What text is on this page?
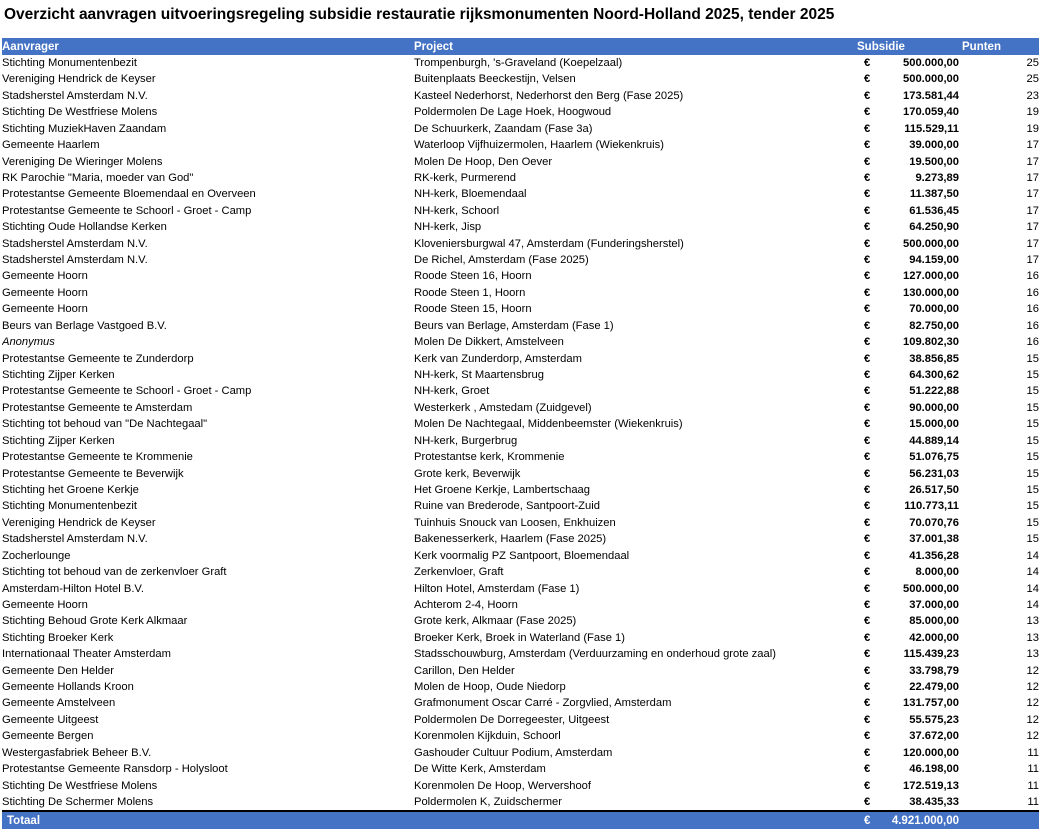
Overzicht aanvragen uitvoeringsregeling subsidie restauratie rijksmonumenten Noord-Holland 2025, tender 2025
Aanvrager	Project	Subsidie	Punten
Stichting Monumentenbezit	Trompenburgh, 's-Graveland (Koepelzaal)	€ 500.000,00	25
Vereniging Hendrick de Keyser	Buitenplaats Beeckestijn, Velsen	€ 500.000,00	25
Stadsherstel Amsterdam N.V.	Kasteel Nederhorst, Nederhorst den Berg (Fase 2025)	€ 173.581,44	23
Stichting De Westfriese Molens	Poldermolen De Lage Hoek, Hoogwoud	€ 170.059,40	19
Stichting MuziekHaven Zaandam	De Schuurkerk, Zaandam (Fase 3a)	€ 115.529,11	19
Gemeente Haarlem	Waterloop Vijfhuizermolen, Haarlem (Wiekenkruis)	€ 39.000,00	17
Vereniging De Wieringer Molens	Molen De Hoop, Den Oever	€ 19.500,00	17
RK Parochie "Maria, moeder van God"	RK-kerk, Purmerend	€ 9.273,89	17
Protestantse Gemeente Bloemendaal en Overveen	NH-kerk, Bloemendaal	€ 11.387,50	17
Protestantse Gemeente te Schoorl - Groet - Camp	NH-kerk, Schoorl	€ 61.536,45	17
Stichting Oude Hollandse Kerken	NH-kerk, Jisp	€ 64.250,90	17
Stadsherstel Amsterdam N.V.	Kloveniersburgwal 47, Amsterdam (Funderingsherstel)	€ 500.000,00	17
Stadsherstel Amsterdam N.V.	De Richel, Amsterdam (Fase 2025)	€ 94.159,00	17
Gemeente Hoorn	Roode Steen 16, Hoorn	€ 127.000,00	16
Gemeente Hoorn	Roode Steen 1, Hoorn	€ 130.000,00	16
Gemeente Hoorn	Roode Steen 15, Hoorn	€ 70.000,00	16
Beurs van Berlage Vastgoed B.V.	Beurs van Berlage, Amsterdam (Fase 1)	€ 82.750,00	16
Anonymus	Molen De Dikkert, Amstelveen	€ 109.802,30	16
Protestantse Gemeente te Zunderdorp	Kerk van Zunderdorp, Amsterdam	€ 38.856,85	15
Stichting Zijper Kerken	NH-kerk, St Maartensbrug	€ 64.300,62	15
Protestantse Gemeente te Schoorl - Groet - Camp	NH-kerk, Groet	€ 51.222,88	15
Protestantse Gemeente te Amsterdam	Westerkerk , Amstedam (Zuidgevel)	€ 90.000,00	15
Stichting tot behoud van "De Nachtegaal"	Molen De Nachtegaal, Middenbeemster (Wiekenkruis)	€ 15.000,00	15
Stichting Zijper Kerken	NH-kerk, Burgerbrug	€ 44.889,14	15
Protestantse Gemeente te Krommenie	Protestantse kerk, Krommenie	€ 51.076,75	15
Protestantse Gemeente te Beverwijk	Grote kerk, Beverwijk	€ 56.231,03	15
Stichting het Groene Kerkje	Het Groene Kerkje, Lambertschaag	€ 26.517,50	15
Stichting Monumentenbezit	Ruine van Brederode, Santpoort-Zuid	€ 110.773,11	15
Vereniging Hendrick de Keyser	Tuinhuis Snouck van Loosen, Enkhuizen	€ 70.070,76	15
Stadsherstel Amsterdam N.V.	Bakenesserkerk, Haarlem (Fase 2025)	€ 37.001,38	15
Zocherlounge	Kerk voormalig PZ Santpoort, Bloemendaal	€ 41.356,28	14
Stichting tot behoud van de zerkenvloer Graft	Zerkenvloer, Graft	€ 8.000,00	14
Amsterdam-Hilton Hotel B.V.	Hilton Hotel, Amsterdam (Fase 1)	€ 500.000,00	14
Gemeente Hoorn	Achterom 2-4, Hoorn	€ 37.000,00	14
Stichting Behoud Grote Kerk Alkmaar	Grote kerk, Alkmaar (Fase 2025)	€ 85.000,00	13
Stichting Broeker Kerk	Broeker Kerk, Broek in Waterland (Fase 1)	€ 42.000,00	13
Internationaal Theater Amsterdam	Stadsschouwburg, Amsterdam (Verduurzaming en onderhoud grote zaal)	€ 115.439,23	13
Gemeente Den Helder	Carillon, Den Helder	€ 33.798,79	12
Gemeente Hollands Kroon	Molen de Hoop, Oude Niedorp	€ 22.479,00	12
Gemeente Amstelveen	Grafmonument Oscar Carré - Zorgvlied, Amsterdam	€ 131.757,00	12
Gemeente Uitgeest	Poldermolen De Dorregeester, Uitgeest	€ 55.575,23	12
Gemeente Bergen	Korenmolen Kijkduin, Schoorl	€ 37.672,00	12
Westergasfabriek Beheer B.V.	Gashouder Cultuur Podium, Amsterdam	€ 120.000,00	11
Protestantse Gemeente Ransdorp - Holysloot	De Witte Kerk, Amsterdam	€ 46.198,00	11
Stichting De Westfriese Molens	Korenmolen De Hoop, Wervershoof	€ 172.519,13	11
Stichting De Schermer Molens	Poldermolen K, Zuidschermer	€ 38.435,33	11
Totaal		€ 4.921.000,00	
